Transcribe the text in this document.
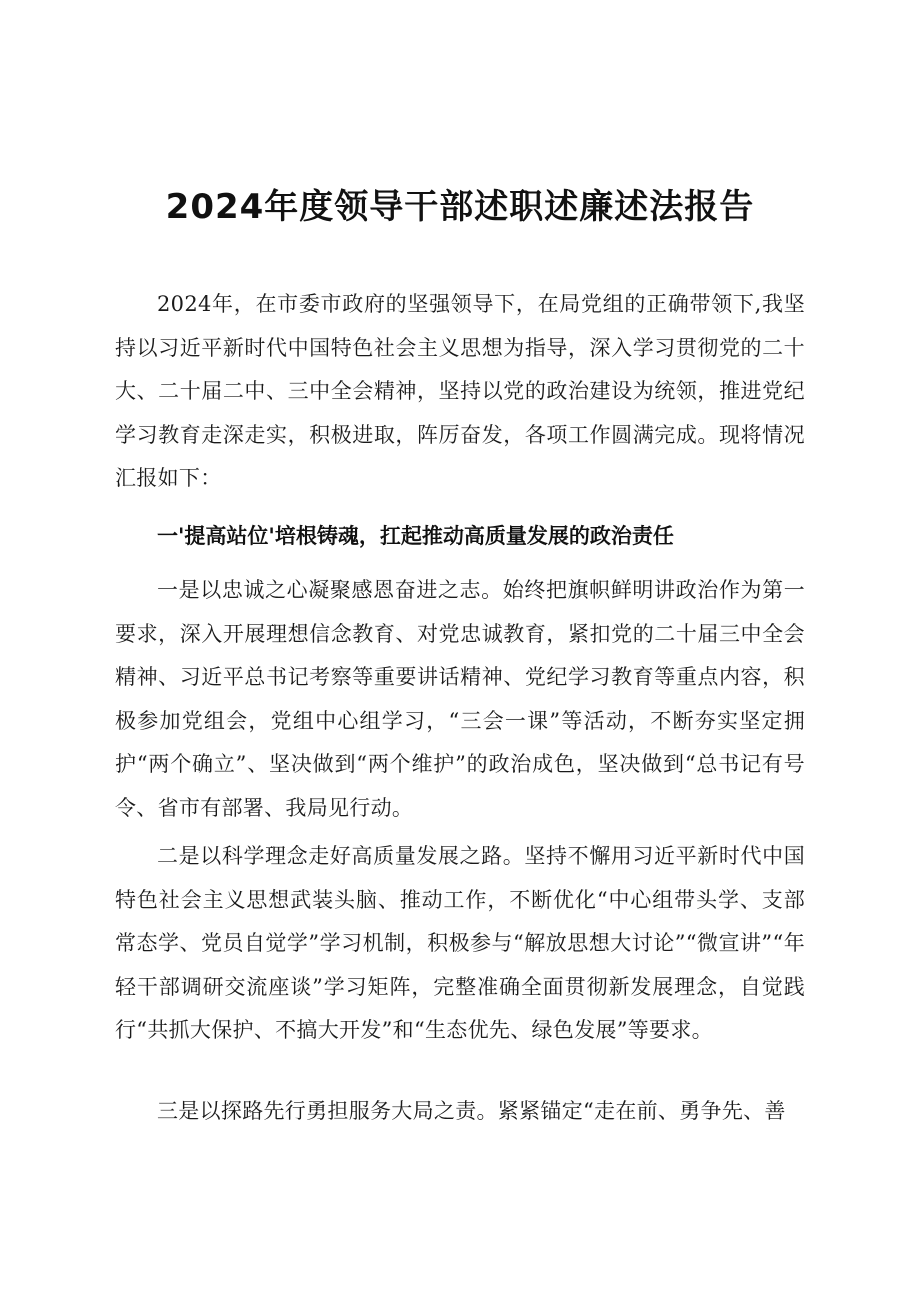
2024年度领导干部述职述廉述法报告

2024年，在市委市政府的坚强领导下，在局党组的正确带领下,我坚持以习近平新时代中国特色社会主义思想为指导，深入学习贯彻党的二十大、二十届二中、三中全会精神，坚持以党的政治建设为统领，推进党纪学习教育走深走实，积极进取，阵厉奋发，各项工作圆满完成。现将情况汇报如下：

一'提高站位'培根铸魂，扛起推动高质量发展的政治责任

一是以忠诚之心凝聚感恩奋进之志。始终把旗帜鲜明讲政治作为第一要求，深入开展理想信念教育、对党忠诚教育，紧扣党的二十届三中全会精神、习近平总书记考察等重要讲话精神、党纪学习教育等重点内容，积极参加党组会，党组中心组学习，“三会一课”等活动，不断夯实坚定拥护“两个确立”、坚决做到“两个维护”的政治成色，坚决做到“总书记有号令、省市有部署、我局见行动。

二是以科学理念走好高质量发展之路。坚持不懈用习近平新时代中国特色社会主义思想武装头脑、推动工作，不断优化“中心组带头学、支部常态学、党员自觉学”学习机制，积极参与“解放思想大讨论”“微宣讲”“年轻干部调研交流座谈”学习矩阵，完整准确全面贯彻新发展理念，自觉践行“共抓大保护、不搞大开发”和“生态优先、绿色发展”等要求。

三是以探路先行勇担服务大局之责。紧紧锚定“走在前、勇争先、善
